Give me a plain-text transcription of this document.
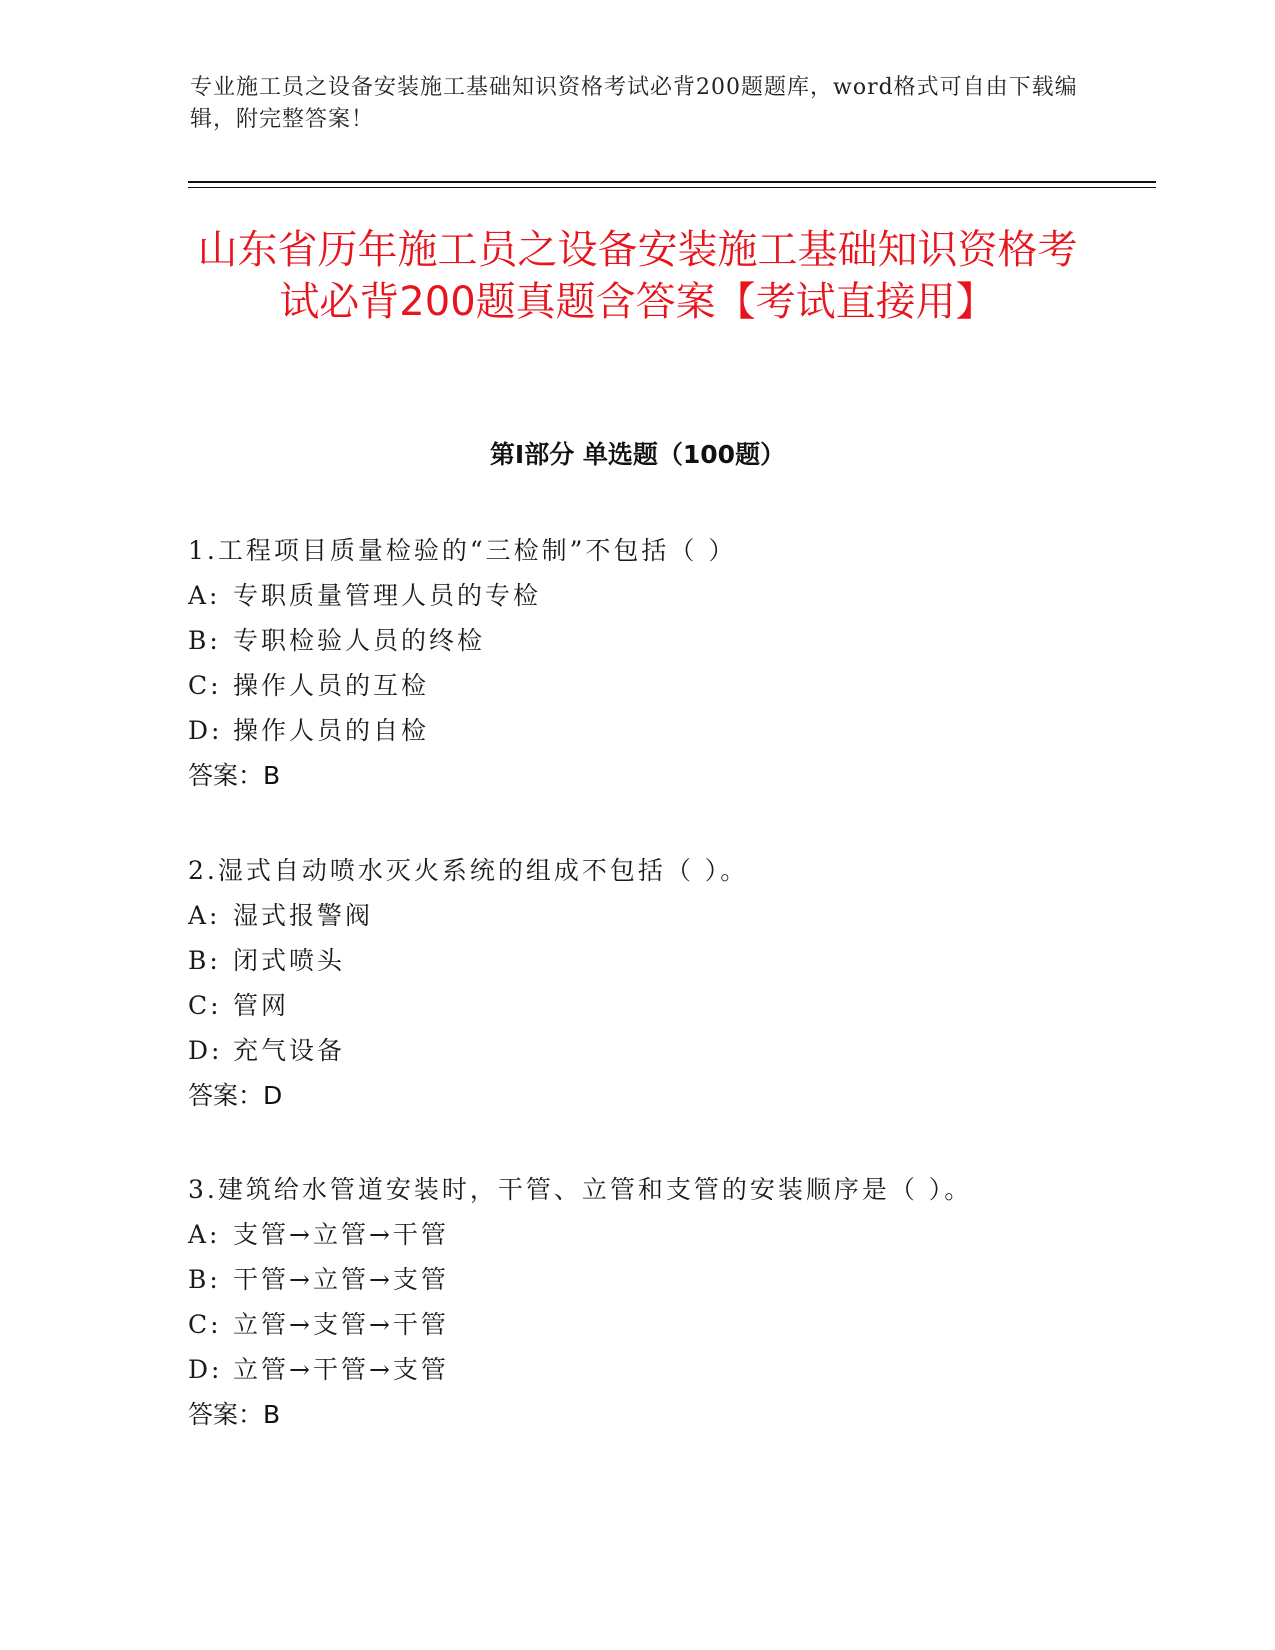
专业施工员之设备安装施工基础知识资格考试必背200题题库，word格式可自由下载编辑，附完整答案！
山东省历年施工员之设备安装施工基础知识资格考试必背200题真题含答案【考试直接用】
第I部分 单选题（100题）
1.工程项目质量检验的“三检制”不包括（ ）
A: 专职质量管理人员的专检
B: 专职检验人员的终检
C: 操作人员的互检
D: 操作人员的自检
答案：B
2.湿式自动喷水灭火系统的组成不包括（ ）。
A: 湿式报警阀
B: 闭式喷头
C: 管网
D: 充气设备
答案：D
3.建筑给水管道安装时，干管、立管和支管的安装顺序是（ ）。
A: 支管→立管→干管
B: 干管→立管→支管
C: 立管→支管→干管
D: 立管→干管→支管
答案：B
